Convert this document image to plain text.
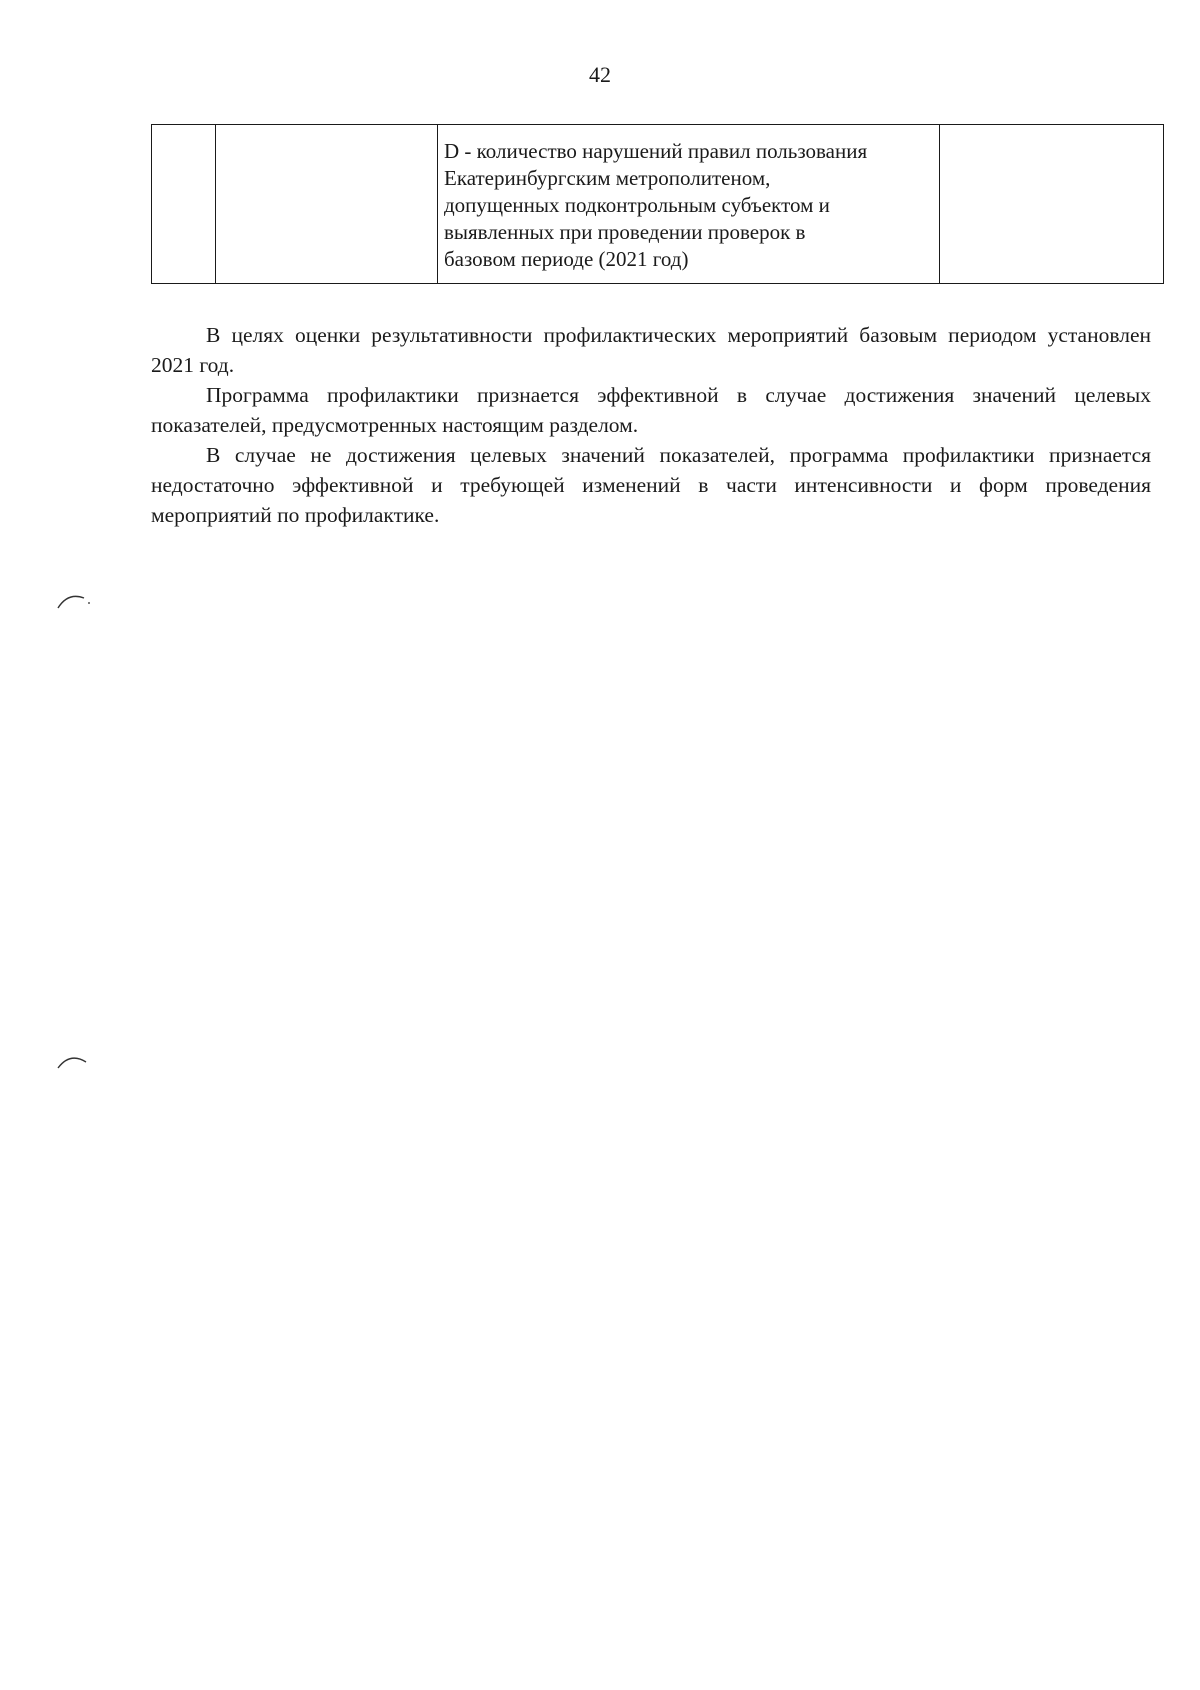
42

D - количество нарушений правил пользования
Екатеринбургским метрополитеном,
допущенных подконтрольным субъектом и
выявленных при проведении проверок в
базовом периоде (2021 год)

В целях оценки результативности профилактических мероприятий базовым периодом установлен 2021 год.

Программа профилактики признается эффективной в случае достижения значений целевых показателей, предусмотренных настоящим разделом.

В случае не достижения целевых значений показателей, программа профилактики признается недостаточно эффективной и требующей изменений в части интенсивности и форм проведения мероприятий по профилактике.
